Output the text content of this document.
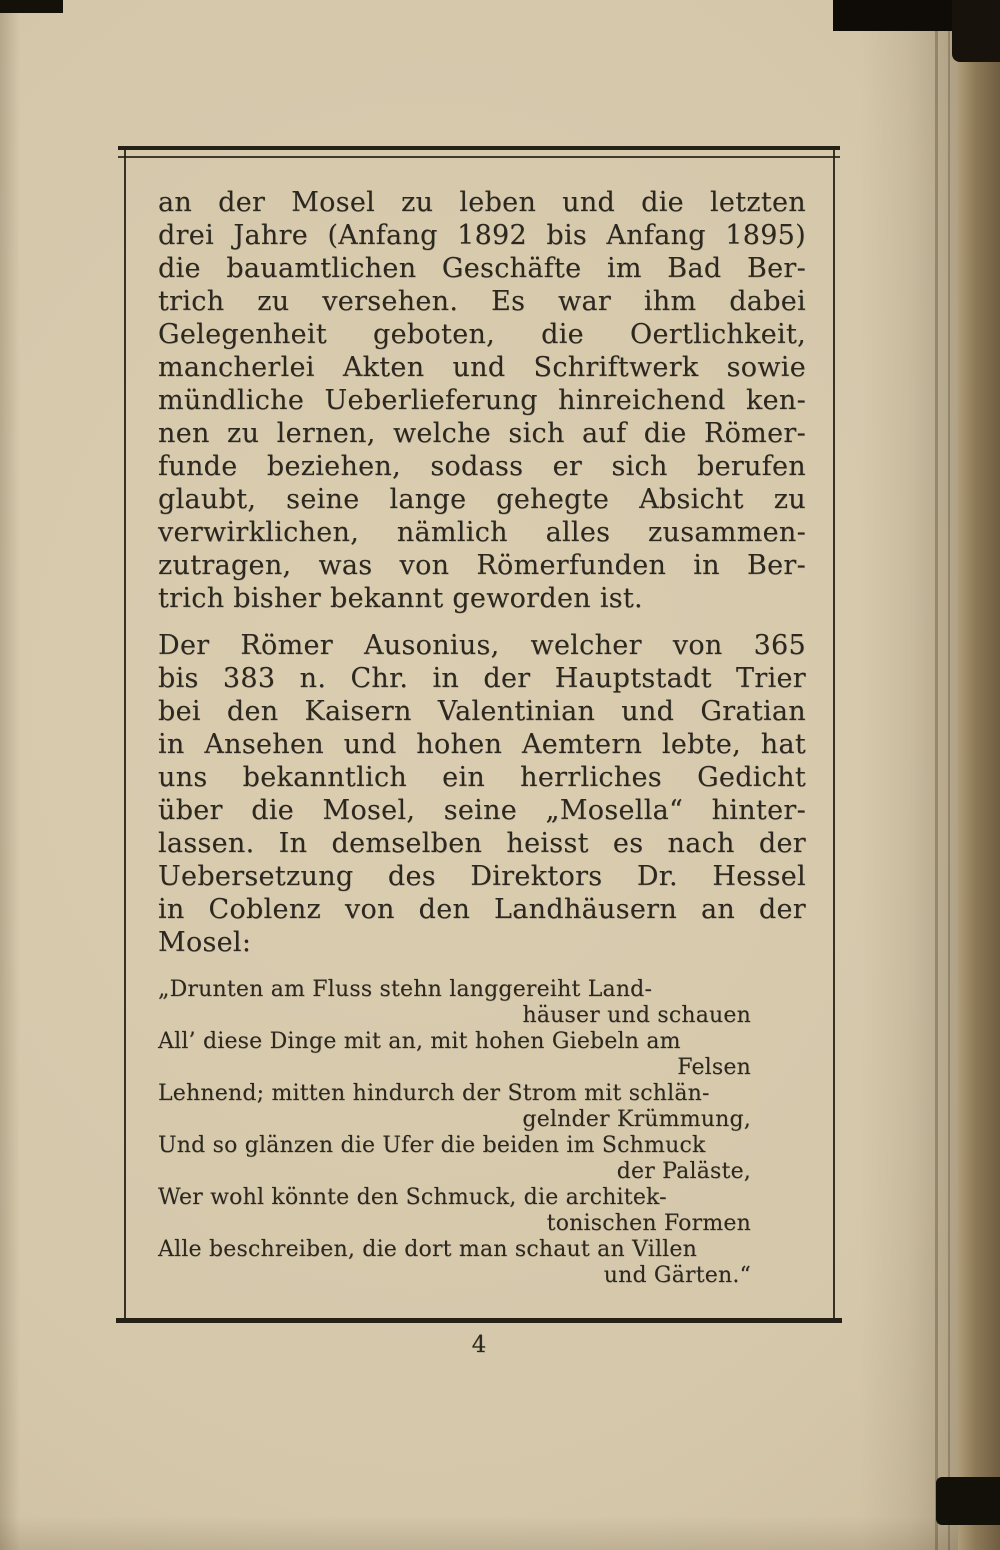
an der Mosel zu leben und die letzten
drei Jahre (Anfang 1892 bis Anfang 1895)
die bauamtlichen Geschäfte im Bad Ber-
trich zu versehen. Es war ihm dabei
Gelegenheit geboten, die Oertlichkeit,
mancherlei Akten und Schriftwerk sowie
mündliche Ueberlieferung hinreichend ken-
nen zu lernen, welche sich auf die Römer-
funde beziehen, sodass er sich berufen
glaubt, seine lange gehegte Absicht zu
verwirklichen, nämlich alles zusammen-
zutragen, was von Römerfunden in Ber-
trich bisher bekannt geworden ist.
Der Römer Ausonius, welcher von 365
bis 383 n. Chr. in der Hauptstadt Trier
bei den Kaisern Valentinian und Gratian
in Ansehen und hohen Aemtern lebte, hat
uns bekanntlich ein herrliches Gedicht
über die Mosel, seine „Mosella“ hinter-
lassen. In demselben heisst es nach der
Uebersetzung des Direktors Dr. Hessel
in Coblenz von den Landhäusern an der
Mosel:
„Drunten am Fluss stehn langgereiht Land-
häuser und schauen
All’ diese Dinge mit an, mit hohen Giebeln am
Felsen
Lehnend; mitten hindurch der Strom mit schlän-
gelnder Krümmung,
Und so glänzen die Ufer die beiden im Schmuck
der Paläste,
Wer wohl könnte den Schmuck, die architek-
tonischen Formen
Alle beschreiben, die dort man schaut an Villen
und Gärten.“
4
